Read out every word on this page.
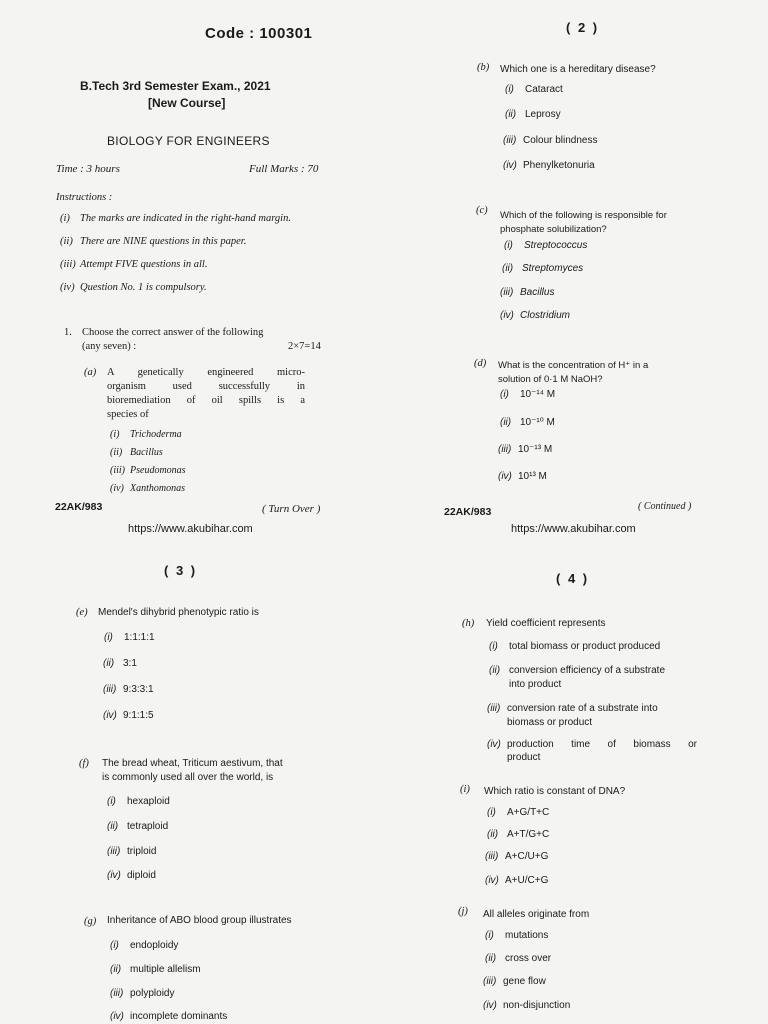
Code : 100301
B.Tech 3rd Semester Exam., 2021
[New Course]
BIOLOGY FOR ENGINEERS
Time : 3 hours	Full Marks : 70
Instructions :
(i) The marks are indicated in the right-hand margin.
(ii) There are NINE questions in this paper.
(iii) Attempt FIVE questions in all.
(iv) Question No. 1 is compulsory.
1. Choose the correct answer of the following
(any seven) :	2×7=14
(a) A genetically engineered micro-
organism used successfully in
bioremediation of oil spills is a
species of
(i) Trichoderma
(ii) Bacillus
(iii) Pseudomonas
(iv) Xanthomonas
22AK/983	( Turn Over )
https://www.akubihar.com
( 2 )
(b) Which one is a hereditary disease?
(i) Cataract
(ii) Leprosy
(iii) Colour blindness
(iv) Phenylketonuria
(c) Which of the following is responsible for
phosphate solubilization?
(i) Streptococcus
(ii) Streptomyces
(iii) Bacillus
(iv) Clostridium
(d) What is the concentration of H⁺ in a
solution of 0·1 M NaOH?
(i) 10⁻¹⁴ M
(ii) 10⁻¹⁰ M
(iii) 10⁻¹³ M
(iv) 10¹³ M
22AK/983	( Continued )
https://www.akubihar.com
( 3 )
(e) Mendel's dihybrid phenotypic ratio is
(i) 1:1:1:1
(ii) 3:1
(iii) 9:3:3:1
(iv) 9:1:1:5
(f) The bread wheat, Triticum aestivum, that
is commonly used all over the world, is
(i) hexaploid
(ii) tetraploid
(iii) triploid
(iv) diploid
(g) Inheritance of ABO blood group illustrates
(i) endoploidy
(ii) multiple allelism
(iii) polyploidy
(iv) incomplete dominants
( 4 )
(h) Yield coefficient represents
(i) total biomass or product produced
(ii) conversion efficiency of a substrate
into product
(iii) conversion rate of a substrate into
biomass or product
(iv) production time of biomass or
product
(i) Which ratio is constant of DNA?
(i) A+G/T+C
(ii) A+T/G+C
(iii) A+C/U+G
(iv) A+U/C+G
(j) All alleles originate from
(i) mutations
(ii) cross over
(iii) gene flow
(iv) non-disjunction
